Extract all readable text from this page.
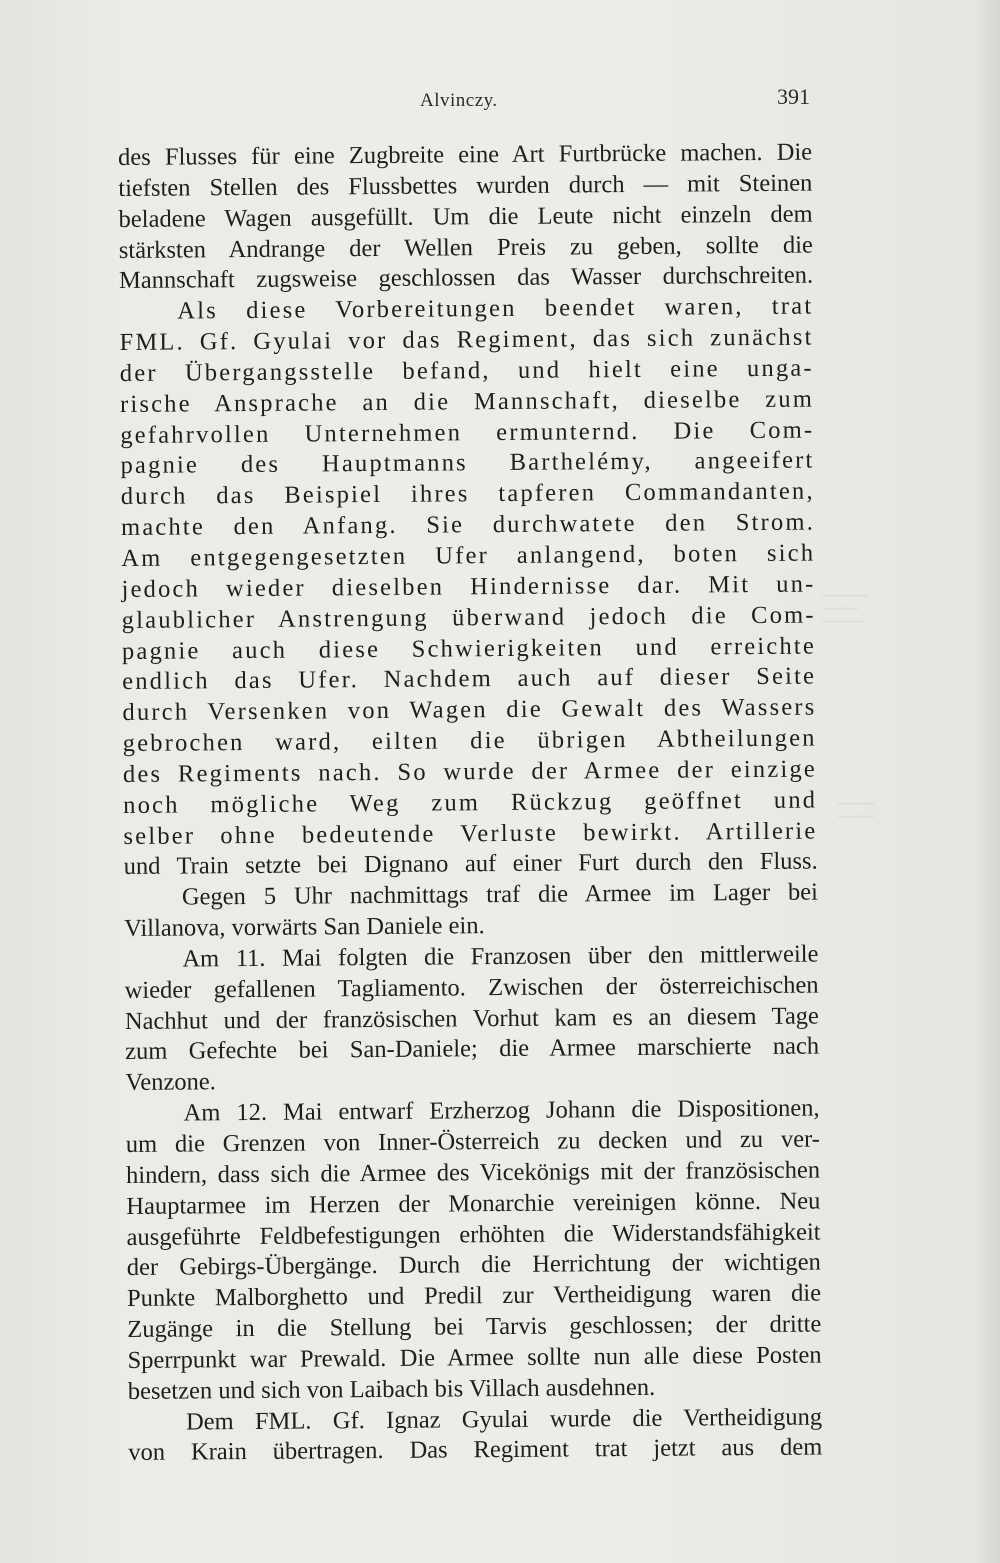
~~~~~~~~
~~~~~~
~~~~~~~
~~~~~~
~~~~~~
Alvinczy.	391
des Flusses für eine Zugbreite eine Art Furtbrücke machen. Die
tiefsten Stellen des Flussbettes wurden durch — mit Steinen
beladene Wagen ausgefüllt. Um die Leute nicht einzeln dem
stärksten Andrange der Wellen Preis zu geben, sollte die
Mannschaft zugsweise geschlossen das Wasser durchschreiten.
Als diese Vorbereitungen beendet waren, trat
FML. Gf. Gyulai vor das Regiment, das sich zunächst
der Übergangsstelle befand, und hielt eine unga-
rische Ansprache an die Mannschaft, dieselbe zum
gefahrvollen Unternehmen ermunternd. Die Com-
pagnie des Hauptmanns Barthelémy, angeeifert
durch das Beispiel ihres tapferen Commandanten,
machte den Anfang. Sie durchwatete den Strom.
Am entgegengesetzten Ufer anlangend, boten sich
jedoch wieder dieselben Hindernisse dar. Mit un-
glaublicher Anstrengung überwand jedoch die Com-
pagnie auch diese Schwierigkeiten und erreichte
endlich das Ufer. Nachdem auch auf dieser Seite
durch Versenken von Wagen die Gewalt des Wassers
gebrochen ward, eilten die übrigen Abtheilungen
des Regiments nach. So wurde der Armee der einzige
noch mögliche Weg zum Rückzug geöffnet und
selber ohne bedeutende Verluste bewirkt. Artillerie
und Train setzte bei Dignano auf einer Furt durch den Fluss.
Gegen 5 Uhr nachmittags traf die Armee im Lager bei
Villanova, vorwärts San Daniele ein.
Am 11. Mai folgten die Franzosen über den mittlerweile
wieder gefallenen Tagliamento. Zwischen der österreichischen
Nachhut und der französischen Vorhut kam es an diesem Tage
zum Gefechte bei San-Daniele; die Armee marschierte nach
Venzone.
Am 12. Mai entwarf Erzherzog Johann die Dispositionen,
um die Grenzen von Inner-Österreich zu decken und zu ver-
hindern, dass sich die Armee des Vicekönigs mit der französischen
Hauptarmee im Herzen der Monarchie vereinigen könne. Neu
ausgeführte Feldbefestigungen erhöhten die Widerstandsfähigkeit
der Gebirgs-Übergänge. Durch die Herrichtung der wichtigen
Punkte Malborghetto und Predil zur Vertheidigung waren die
Zugänge in die Stellung bei Tarvis geschlossen; der dritte
Sperrpunkt war Prewald. Die Armee sollte nun alle diese Posten
besetzen und sich von Laibach bis Villach ausdehnen.
Dem FML. Gf. Ignaz Gyulai wurde die Vertheidigung
von Krain übertragen. Das Regiment trat jetzt aus dem
